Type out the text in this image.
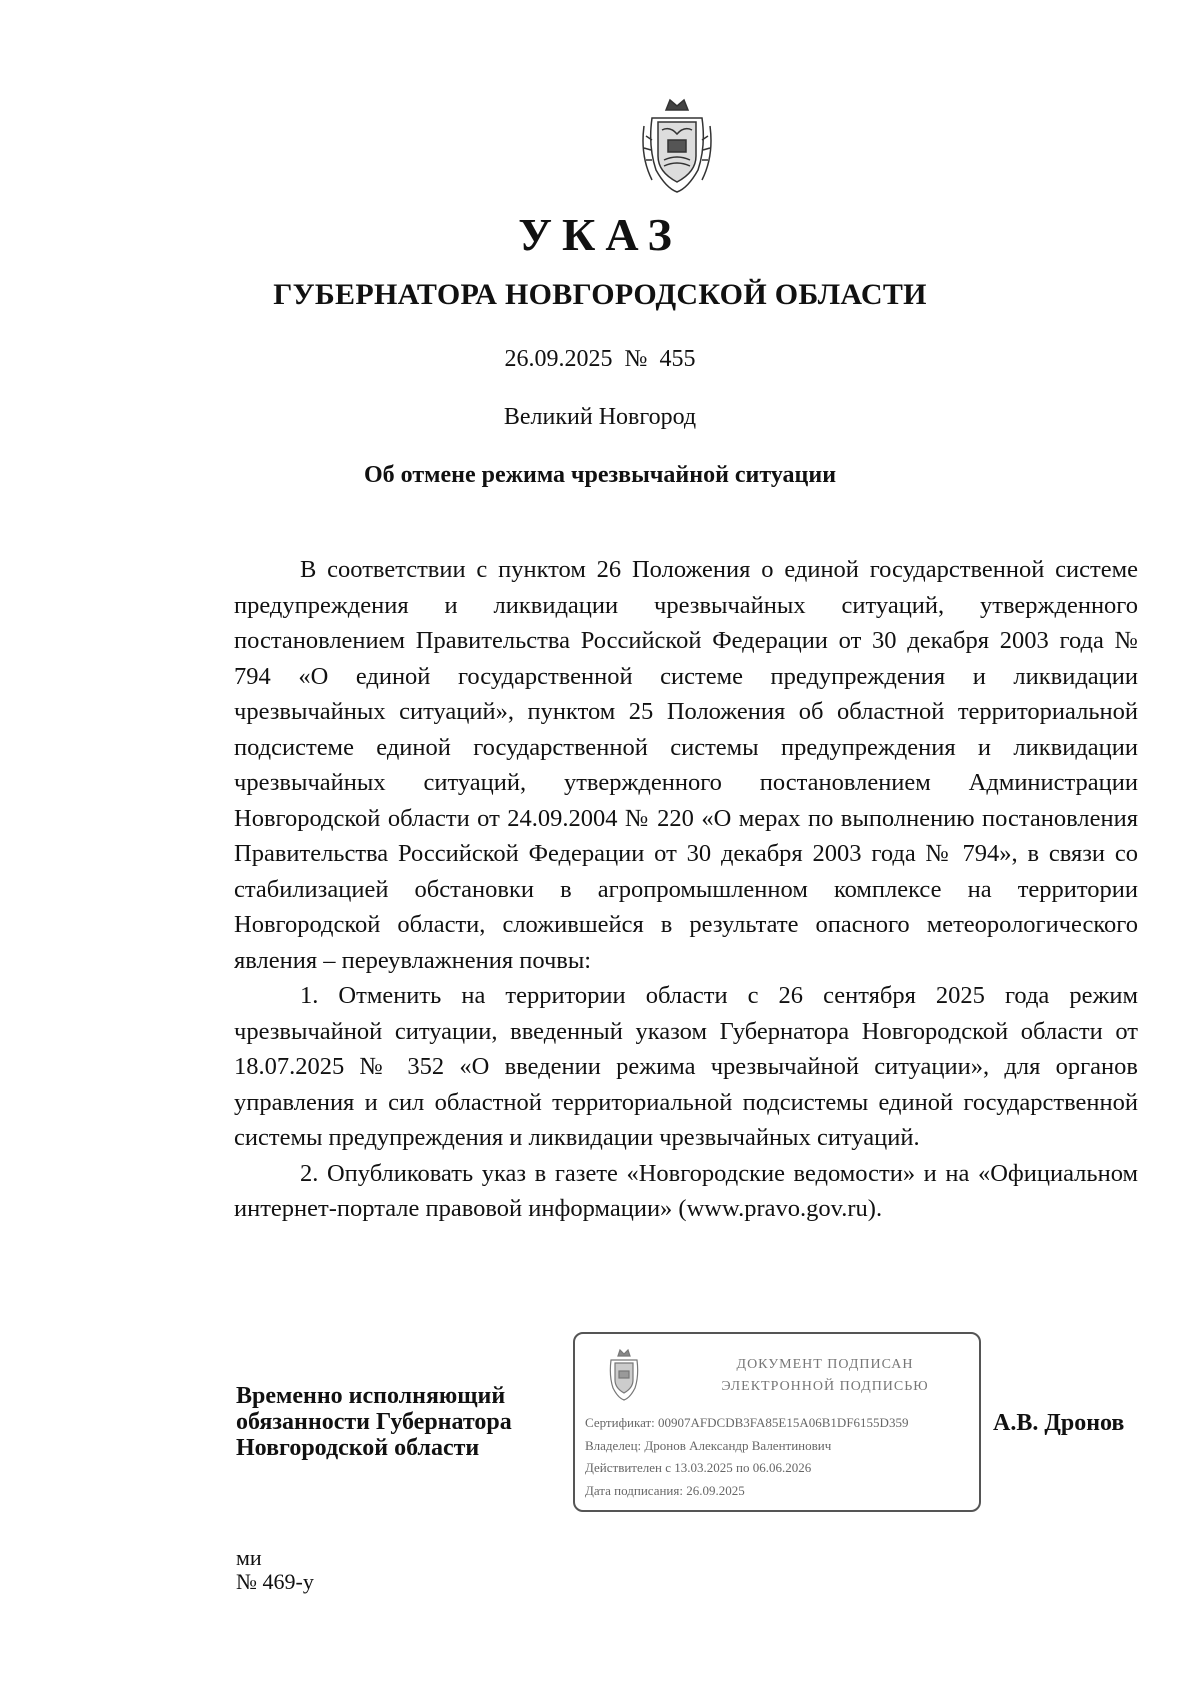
УКАЗ
ГУБЕРНАТОРА НОВГОРОДСКОЙ ОБЛАСТИ
26.09.2025 № 455
Великий Новгород
Об отмене режима чрезвычайной ситуации

В соответствии с пунктом 26 Положения о единой государственной системе предупреждения и ликвидации чрезвычайных ситуаций, утвержденного постановлением Правительства Российской Федерации от 30 декабря 2003 года № 794 «О единой государственной системе предупреждения и ликвидации чрезвычайных ситуаций», пунктом 25 Положения об областной территориальной подсистеме единой государственной системы предупреждения и ликвидации чрезвычайных ситуаций, утвержденного постановлением Администрации Новгородской области от 24.09.2004 № 220 «О мерах по выполнению постановления Правительства Российской Федерации от 30 декабря 2003 года № 794», в связи со стабилизацией обстановки в агропромышленном комплексе на территории Новгородской области, сложившейся в результате опасного метеорологического явления – переувлажнения почвы:

1. Отменить на территории области с 26 сентября 2025 года режим чрезвычайной ситуации, введенный указом Губернатора Новгородской области от 18.07.2025 № 352 «О введении режима чрезвычайной ситуации», для органов управления и сил областной территориальной подсистемы единой государственной системы предупреждения и ликвидации чрезвычайных ситуаций.

2. Опубликовать указ в газете «Новгородские ведомости» и на «Официальном интернет-портале правовой информации» (www.pravo.gov.ru).

Временно исполняющий
обязанности Губернатора
Новгородской области
ДОКУМЕНТ ПОДПИСАН
ЭЛЕКТРОННОЙ ПОДПИСЬЮ
Сертификат: 00907AFDCDB3FA85E15A06B1DF6155D359
Владелец: Дронов Александр Валентинович
Действителен с 13.03.2025 по 06.06.2026
Дата подписания: 26.09.2025
А.В. Дронов
ми
№ 469-у
